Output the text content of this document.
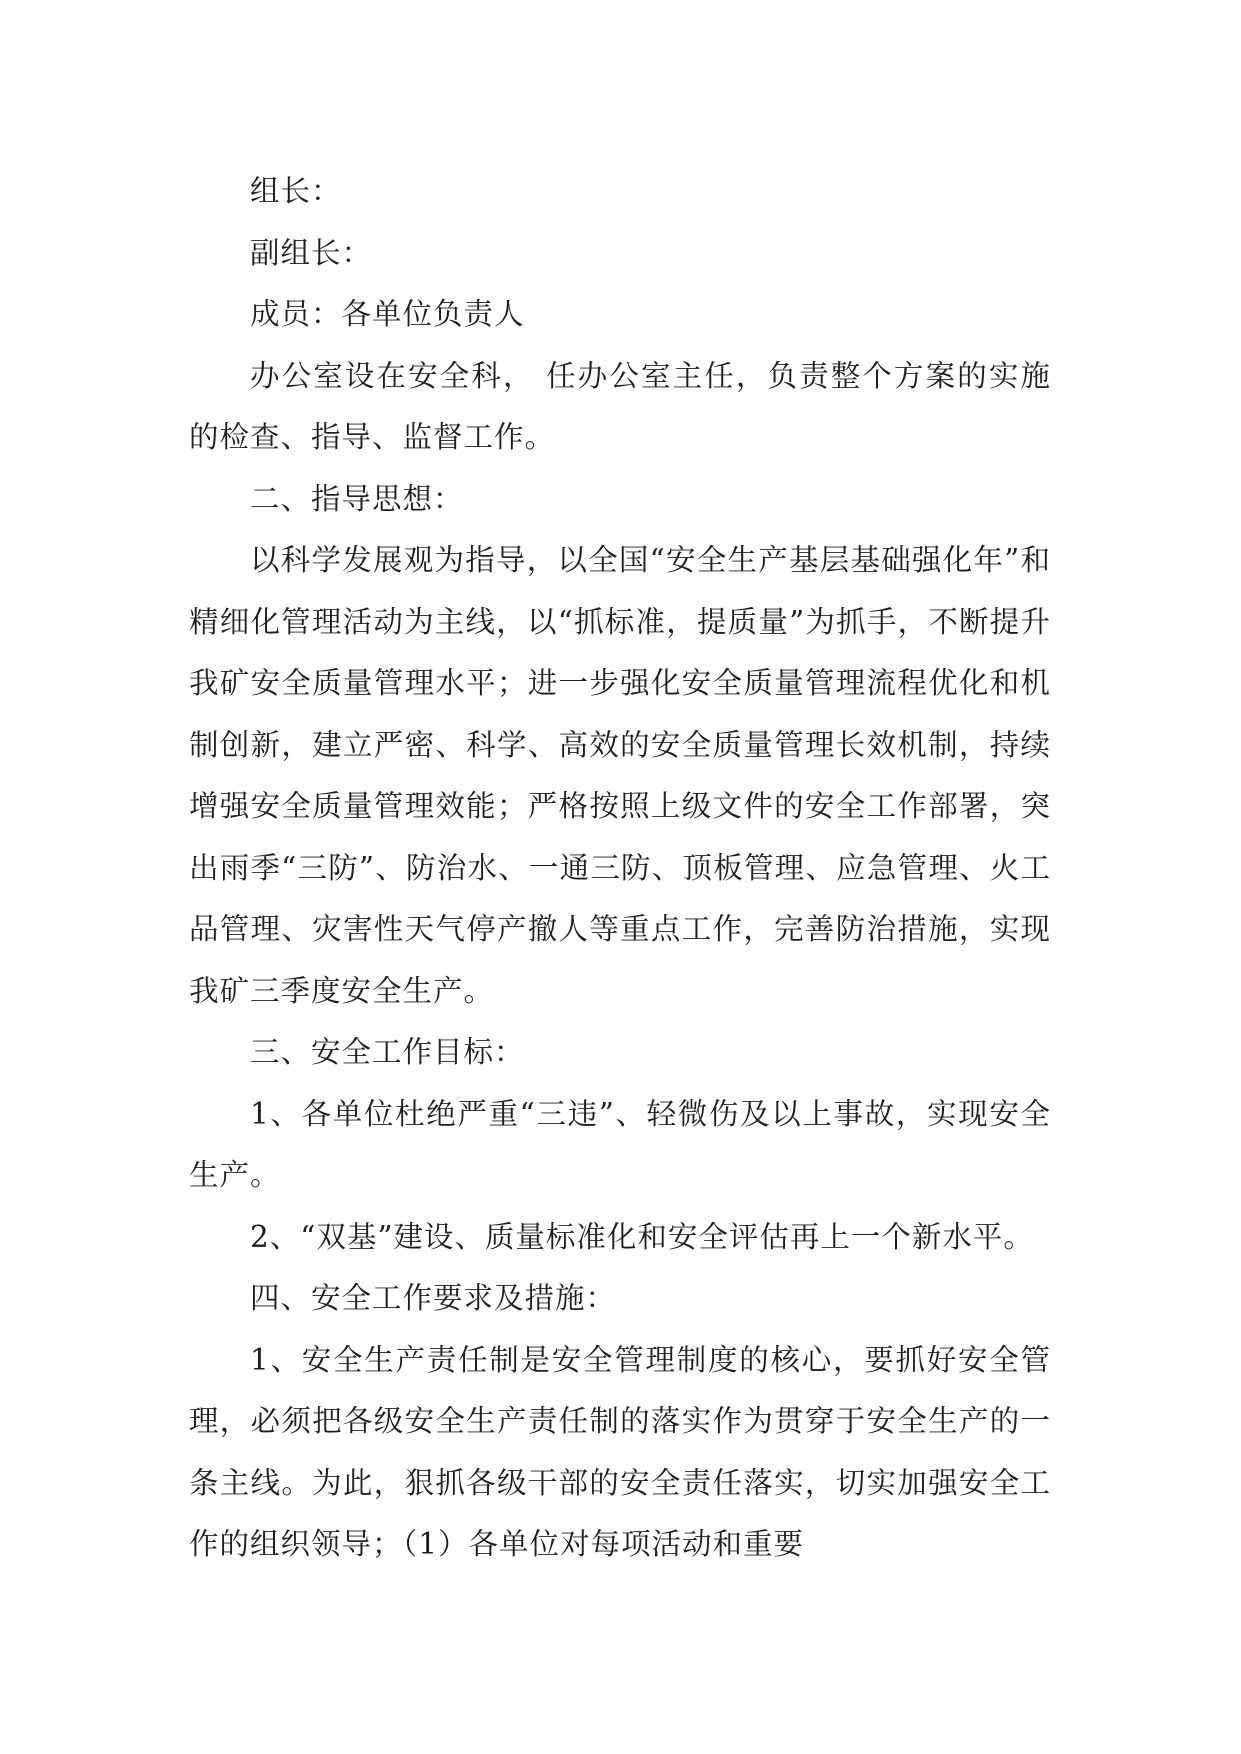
组长：

副组长：

成员：各单位负责人

办公室设在安全科， 任办公室主任，负责整个方案的实施的检查、指导、监督工作。

二、指导思想：

以科学发展观为指导，以全国“安全生产基层基础强化年”和精细化管理活动为主线，以“抓标准，提质量”为抓手，不断提升我矿安全质量管理水平；进一步强化安全质量管理流程优化和机制创新，建立严密、科学、高效的安全质量管理长效机制，持续增强安全质量管理效能；严格按照上级文件的安全工作部署，突出雨季“三防”、防治水、一通三防、顶板管理、应急管理、火工品管理、灾害性天气停产撤人等重点工作，完善防治措施，实现我矿三季度安全生产。

三、安全工作目标：

1、各单位杜绝严重“三违”、轻微伤及以上事故，实现安全生产。

2、“双基”建设、质量标准化和安全评估再上一个新水平。

四、安全工作要求及措施：

1、安全生产责任制是安全管理制度的核心，要抓好安全管理，必须把各级安全生产责任制的落实作为贯穿于安全生产的一条主线。为此，狠抓各级干部的安全责任落实，切实加强安全工作的组织领导；（1）各单位对每项活动和重要
